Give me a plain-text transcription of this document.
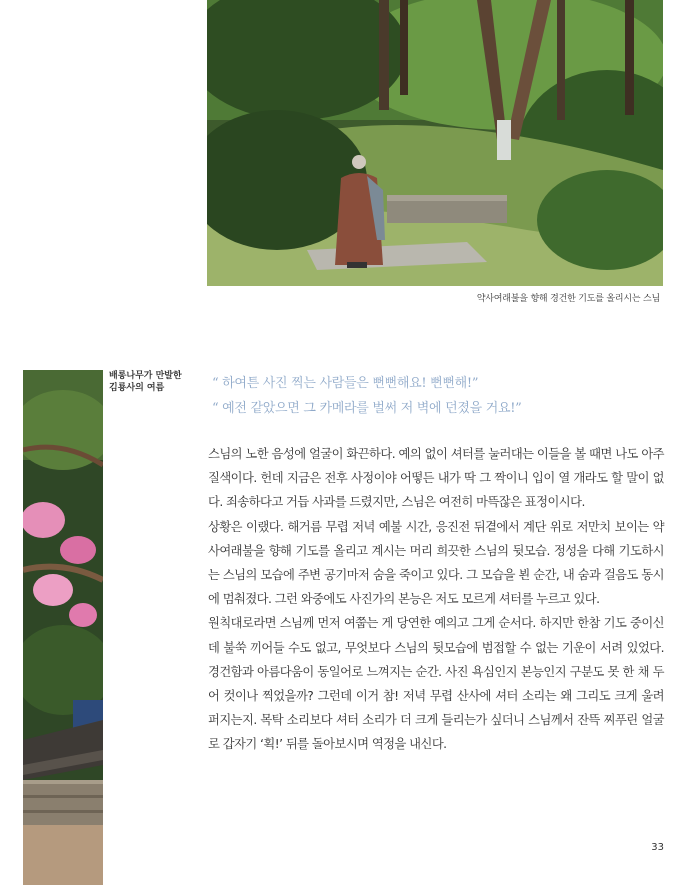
약사여래불을 향해 경건한 기도를 올리시는 스님
배롱나무가 만발한
김룡사의 여름	“ 하여튼 사진 찍는 사람들은 뻔뻔해요! 뻔뻔해!”

“ 예전 같았으면 그 카메라를 벌써 저 벽에 던졌을 거요!”

스님의 노한 음성에 얼굴이 화끈하다. 예의 없이 셔터를 눌러대는 이들을 볼 때면 나도 아주 질색이다. 헌데 지금은 전후 사정이야 어떻든 내가 딱 그 짝이니 입이 열 개라도 할 말이 없다. 죄송하다고 거듭 사과를 드렸지만, 스님은 여전히 마뜩잖은 표정이시다.

상황은 이랬다. 해거름 무렵 저녁 예불 시간, 응진전 뒤곁에서 계단 위로 저만치 보이는 약사여래불을 향해 기도를 올리고 계시는 머리 희끗한 스님의 뒷모습. 정성을 다해 기도하시는 스님의 모습에 주변 공기마저 숨을 죽이고 있다. 그 모습을 뵌 순간, 내 숨과 걸음도 동시에 멈춰졌다. 그런 와중에도 사진가의 본능은 저도 모르게 셔터를 누르고 있다.

원칙대로라면 스님께 먼저 여쭙는 게 당연한 예의고 그게 순서다. 하지만 한참 기도 중이신데 불쑥 끼어들 수도 없고, 무엇보다 스님의 뒷모습에 범접할 수 없는 기운이 서려 있었다. 경건함과 아름다움이 동일어로 느껴지는 순간. 사진 욕심인지 본능인지 구분도 못 한 채 두어 컷이나 찍었을까? 그런데 이거 참! 저녁 무렵 산사에 셔터 소리는 왜 그리도 크게 울려 퍼지는지. 목탁 소리보다 셔터 소리가 더 크게 들리는가 싶더니 스님께서 잔뜩 찌푸린 얼굴로 갑자기 ‘획!’ 뒤를 돌아보시며 역정을 내신다.

33
